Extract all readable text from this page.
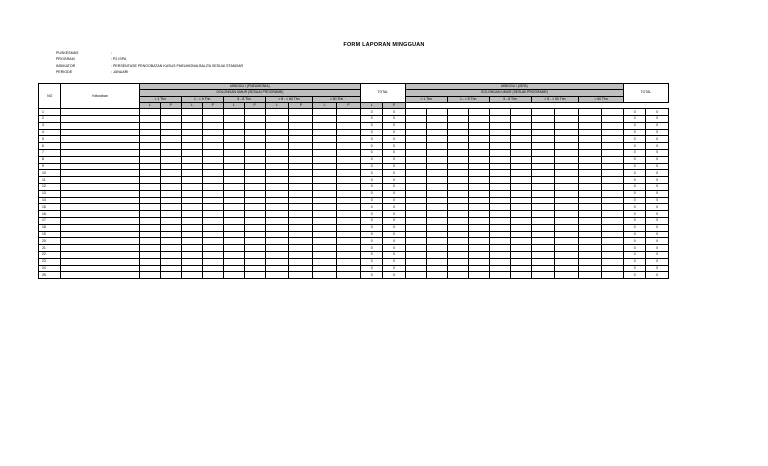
FORM LAPORAN MINGGUAN
PUSKESMAS	:
PROGRAM	: P2 ISPA
INDIKATOR	: PERSENTASE PENGOBATAN KASUS PNEUMONIA BALITA SESUAI STANDAR
PERIODE	: JANUARI
NO	Kelurahan	MINGGU I (PNEUMONIA)										TOTAL		MINGGU I (ISPA)										TOTAL	
		GOLONGAN UMUR (SESUAI PROGRAME)												GOLONGAN UMUR (SESUAI PROGRAME)											
		< 1 Thn		1 - < 5 Thn		5 - 8 Thn		> 8 - < 60 Thn		> 60 Thn				< 1 Thn		1 - < 5 Thn		5 - 8 Thn		> 8 - < 60 Thn		> 60 Thn			
		L	P	L	P	L	P	L	P	L	P	L	P												
1												0	0											0	0
2												0	0											0	0
3												0	0											0	0
4												0	0											0	0
5												0	0											0	0
6												0	0											0	0
7												0	0											0	0
8												0	0											0	0
9												0	0											0	0
10												0	0											0	0
11												0	0											0	0
12												0	0											0	0
13												0	0											0	0
14												0	0											0	0
15												0	0											0	0
16												0	0											0	0
17												0	0											0	0
18												0	0											0	0
19												0	0											0	0
20												0	0											0	0
21												0	0											0	0
22												0	0											0	0
23												0	0											0	0
24												0	0											0	0
25												0	0											0	0
